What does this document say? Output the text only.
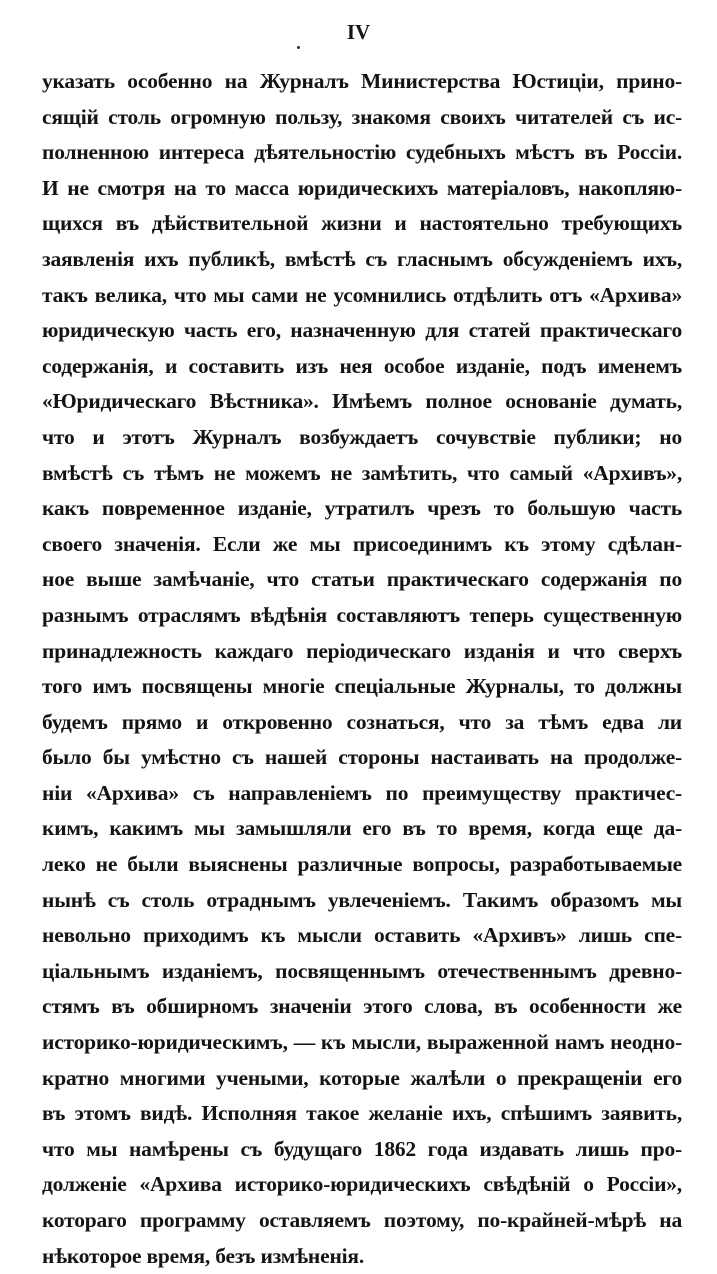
IV
указать особенно на Журналъ Министерства Юстиціи, прино-
сящій столь огромную пользу, знакомя своихъ читателей съ ис-
полненною интереса дѣятельностію судебныхъ мѣстъ въ Россіи.
И не смотря на то масса юридическихъ матеріаловъ, накопляю-
щихся въ дѣйствительной жизни и настоятельно требующихъ
заявленія ихъ публикѣ, вмѣстѣ съ гласнымъ обсужденіемъ ихъ,
такъ велика, что мы сами не усомнились отдѣлить отъ «Архива»
юридическую часть его, назначенную для статей практическаго
содержанія, и составить изъ нея особое изданіе, подъ именемъ
«Юридическаго Вѣстника». Имѣемъ полное основаніе думать,
что и этотъ Журналъ возбуждаетъ сочувствіе публики; но
вмѣстѣ съ тѣмъ не можемъ не замѣтить, что самый «Архивъ»,
какъ повременное изданіе, утратилъ чрезъ то большую часть
своего значенія. Если же мы присоединимъ къ этому сдѣлан-
ное выше замѣчаніе, что статьи практическаго содержанія по
разнымъ отраслямъ вѣдѣнія составляютъ теперь существенную
принадлежность каждаго періодическаго изданія и что сверхъ
того имъ посвящены многіе спеціальные Журналы, то должны
будемъ прямо и откровенно сознаться, что за тѣмъ едва ли
было бы умѣстно съ нашей стороны настаивать на продолже-
ніи «Архива» съ направленіемъ по преимуществу практичес-
кимъ, какимъ мы замышляли его въ то время, когда еще да-
леко не были выяснены различные вопросы, разработываемые
нынѣ съ столь отраднымъ увлеченіемъ. Такимъ образомъ мы
невольно приходимъ къ мысли оставить «Архивъ» лишь спе-
ціальнымъ изданіемъ, посвященнымъ отечественнымъ древно-
стямъ въ обширномъ значеніи этого слова, въ особенности же
историко-юридическимъ, — къ мысли, выраженной намъ неодно-
кратно многими учеными, которые жалѣли о прекращеніи его
въ этомъ видѣ. Исполняя такое желаніе ихъ, спѣшимъ заявить,
что мы намѣрены съ будущаго 1862 года издавать лишь про-
долженіе «Архива историко-юридическихъ свѣдѣній о Россіи»,
котораго программу оставляемъ поэтому, по-крайней-мѣрѣ на
нѣкоторое время, безъ измѣненія.
